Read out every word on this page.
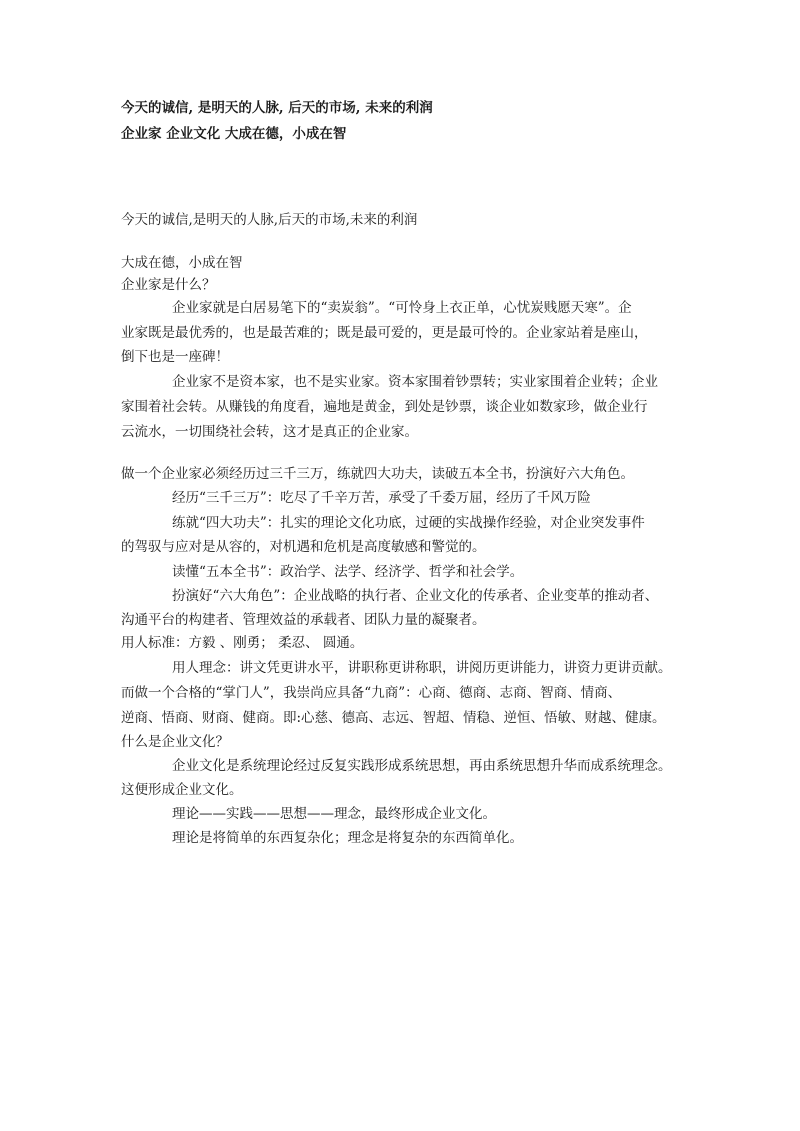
今天的诚信, 是明天的人脉, 后天的市场, 未来的利润
企业家 企业文化 大成在德，小成在智
今天的诚信,是明天的人脉,后天的市场,未来的利润
大成在德，小成在智
企业家是什么？
企业家就是白居易笔下的“卖炭翁”。“可怜身上衣正单，心忧炭贱愿天寒”。企
业家既是最优秀的，也是最苦难的；既是最可爱的，更是最可怜的。企业家站着是座山，
倒下也是一座碑！
企业家不是资本家，也不是实业家。资本家围着钞票转；实业家围着企业转；企业
家围着社会转。从赚钱的角度看，遍地是黄金，到处是钞票，谈企业如数家珍，做企业行
云流水，一切围绕社会转，这才是真正的企业家。
做一个企业家必须经历过三千三万，练就四大功夫，读破五本全书，扮演好六大角色。
经历“三千三万”：吃尽了千辛万苦，承受了千委万屈，经历了千风万险
练就“四大功夫”：扎实的理论文化功底，过硬的实战操作经验，对企业突发事件
的驾驭与应对是从容的，对机遇和危机是高度敏感和警觉的。
读懂“五本全书”：政治学、法学、经济学、哲学和社会学。
扮演好“六大角色”：企业战略的执行者、企业文化的传承者、企业变革的推动者、
沟通平台的构建者、管理效益的承载者、团队力量的凝聚者。
用人标准：方毅 、刚勇； 柔忍、 圆通。
用人理念：讲文凭更讲水平，讲职称更讲称职，讲阅历更讲能力，讲资力更讲贡献。
而做一个合格的“掌门人”，我崇尚应具备“九商”：心商、德商、志商、智商、情商、
逆商、悟商、财商、健商。即:心慈、德高、志远、智超、情稳、逆恒、悟敏、财越、健康。
什么是企业文化？
企业文化是系统理论经过反复实践形成系统思想，再由系统思想升华而成系统理念。
这便形成企业文化。
理论——实践——思想——理念，最终形成企业文化。
理论是将简单的东西复杂化；理念是将复杂的东西简单化。
